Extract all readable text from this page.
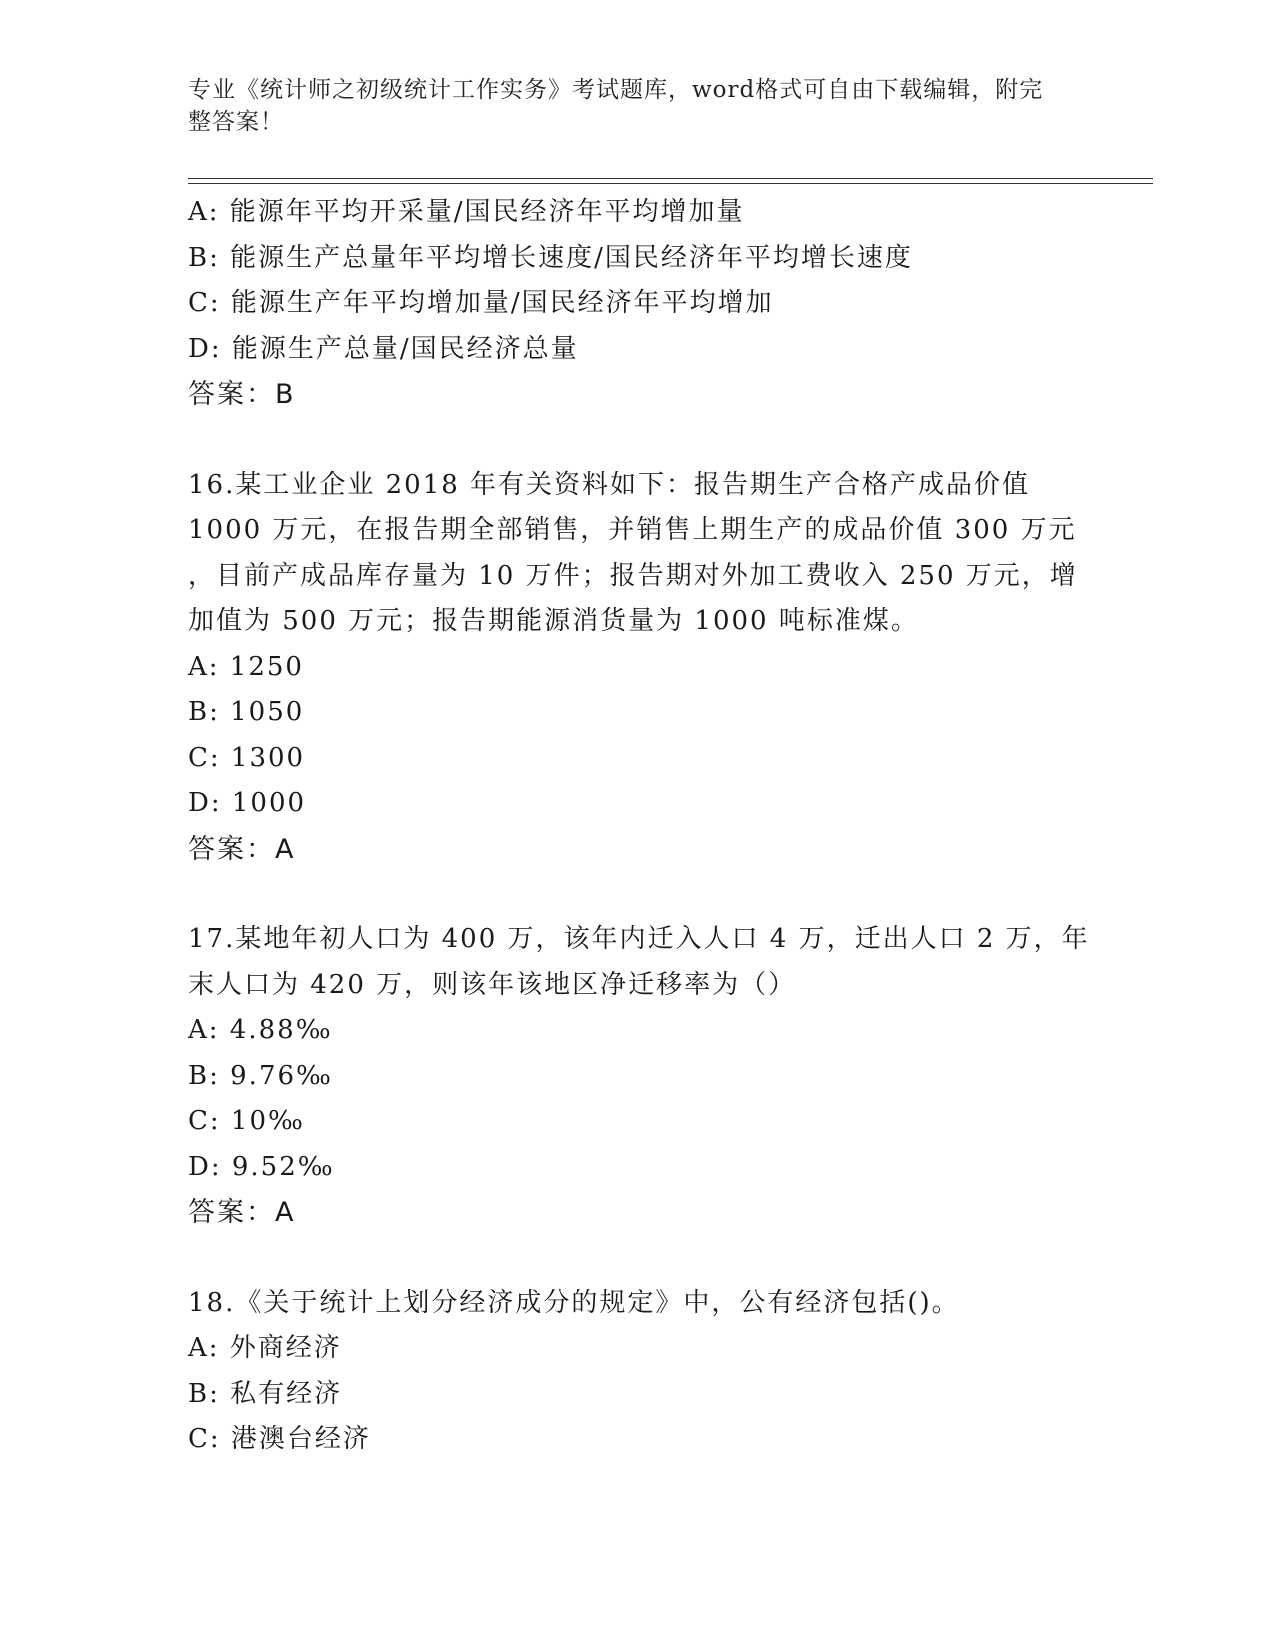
专业《统计师之初级统计工作实务》考试题库，word格式可自由下载编辑，附完
整答案！
A: 能源年平均开采量/国民经济年平均增加量
B: 能源生产总量年平均增长速度/国民经济年平均增长速度
C: 能源生产年平均增加量/国民经济年平均增加
D: 能源生产总量/国民经济总量
答案：B
16.某工业企业 2018 年有关资料如下：报告期生产合格产成品价值
1000 万元，在报告期全部销售，并销售上期生产的成品价值 300 万元
，目前产成品库存量为 10 万件；报告期对外加工费收入 250 万元，增
加值为 500 万元；报告期能源消货量为 1000 吨标准煤。
A: 1250
B: 1050
C: 1300
D: 1000
答案：A
17.某地年初人口为 400 万，该年内迁入人口 4 万，迁出人口 2 万，年
末人口为 420 万，则该年该地区净迁移率为（）
A: 4.88‰
B: 9.76‰
C: 10‰
D: 9.52‰
答案：A
18.《关于统计上划分经济成分的规定》中，公有经济包括()。
A: 外商经济
B: 私有经济
C: 港澳台经济
